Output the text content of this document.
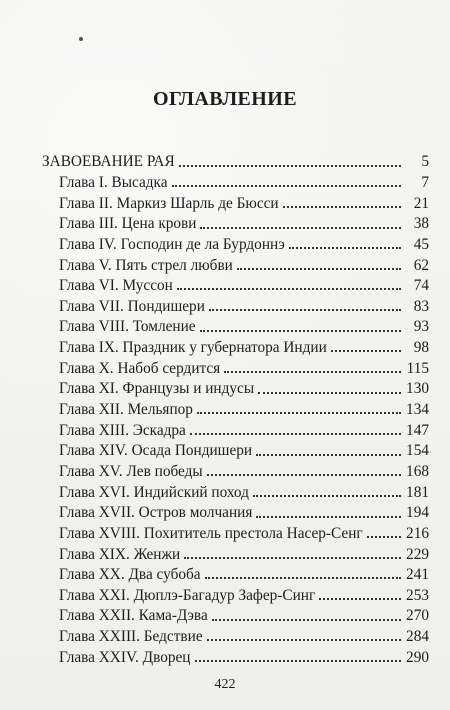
ОГЛАВЛЕНИЕ
ЗАВОЕВАНИЕ РАЯ	5
Глава I. Высадка	7
Глава II. Маркиз Шарль де Бюсси	21
Глава III. Цена крови	38
Глава IV. Господин де ла Бурдоннэ	45
Глава V. Пять стрел любви	62
Глава VI. Муссон	74
Глава VII. Пондишери	83
Глава VIII. Томление	93
Глава IX. Праздник у губернатора Индии	98
Глава X. Набоб сердится	115
Глава XI. Французы и индусы	130
Глава XII. Мельяпор	134
Глава XIII. Эскадра	147
Глава XIV. Осада Пондишери	154
Глава XV. Лев победы	168
Глава XVI. Индийский поход	181
Глава XVII. Остров молчания	194
Глава XVIII. Похититель престола Насер-Сенг	216
Глава XIX. Женжи	229
Глава XX. Два субоба	241
Глава XXI. Дюплэ-Багадур Зафер-Синг	253
Глава XXII. Кама-Дэва	270
Глава XXIII. Бедствие	284
Глава XXIV. Дворец	290
422
